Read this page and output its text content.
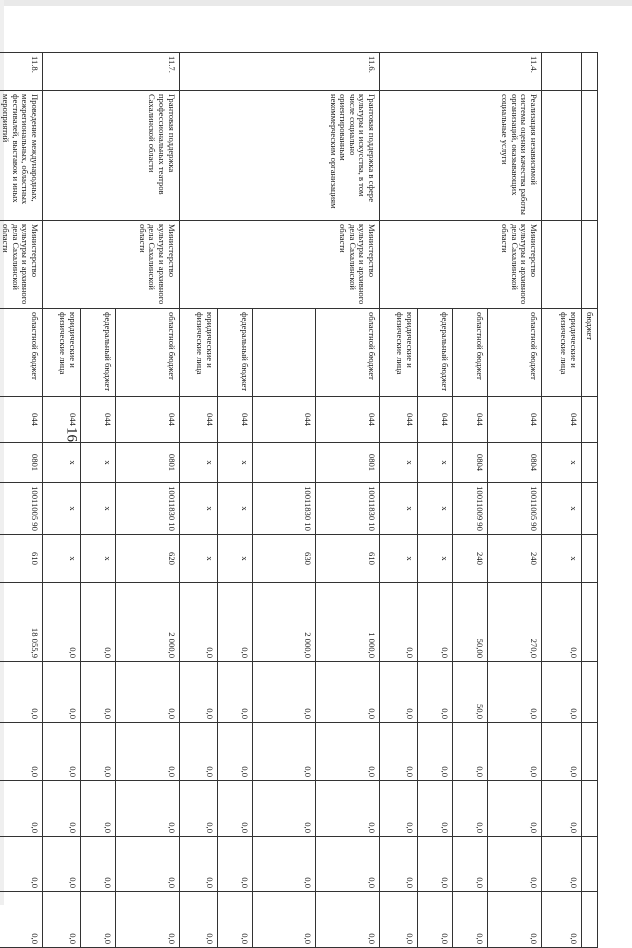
16
			бюджет											
			юридические и физические лица	044	х	х	х	0,0	0,0	0,0	0,0	0,0	0,0	
11.4.	Реализация независимой системы оценки качества работы организаций, оказывающих социальные услуги	Министерство культуры и архивного дела Сахалинской области	областной бюджет	044	0804	10011005 90	240	270,0	0,0	0,0	0,0	0,0	0,0	
			областной бюджет	044	0804	10011009 90	240	50,00	50,0	0,0	0,0	0,0	0,0	
			федеральный бюджет	044	х	х	х	0,0	0,0	0,0	0,0	0,0	0,0	
			юридические и физические лица	044	х	х	х	0,0	0,0	0,0	0,0	0,0	0,0	
11.6.	Грантовая поддержка в сфере культуры и искусства, в том числе социально ориентированным некоммерческим организациям	Министерство культуры и архивного дела Сахалинской области	областной бюджет	044	0801	10011830 10	610	1 000,0	0,0	0,0	0,0	0,0	0,0	
				044		10011830 10	630	2 000,0	0,0	0,0	0,0	0,0	0,0	
			федеральный бюджет	044	х	х	х	0,0	0,0	0,0	0,0	0,0	0,0	
			юридические и физические лица	044	х	х	х	0,0	0,0	0,0	0,0	0,0	0,0	
11.7.	Грантовая поддержка профессиональных театров Сахалинской области	Министерство культуры и архивного дела Сахалинской области	областной бюджет	044	0801	10011830 10	620	2 000,0	0,0	0,0	0,0	0,0	0,0	
			федеральный бюджет	044	х	х	х	0,0	0,0	0,0	0,0	0,0	0,0	
			юридические и физические лица	044	х	х	х	0,0	0,0	0,0	0,0	0,0	0,0	
11.8.	Проведение международных, межрегиональных, областных фестивалей, выставок и иных мероприятий	Министерство культуры и архивного дела Сахалинской области	областной бюджет	044	0801	10011005 90	610	18 055,9	0,0	0,0	0,0	0,0	0,0	
